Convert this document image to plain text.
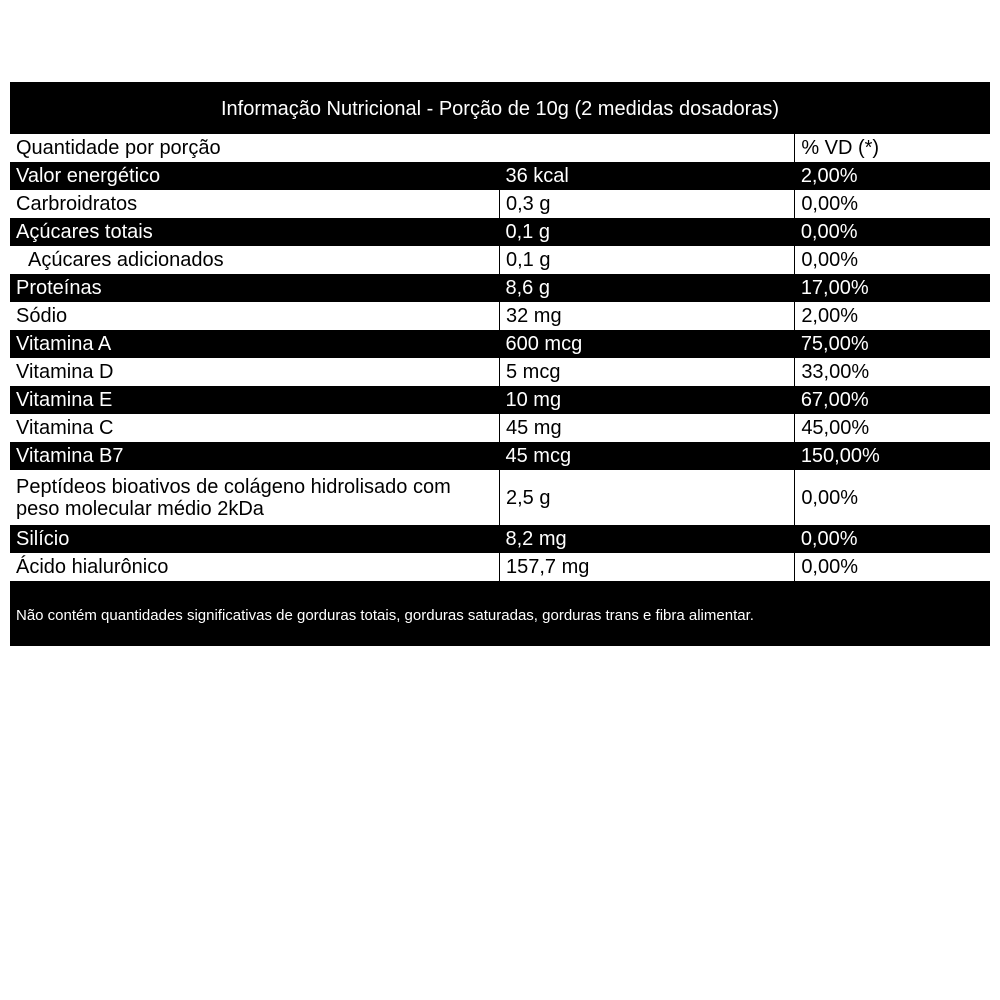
Informação Nutricional - Porção de 10g (2 medidas dosadoras)
Quantidade por porção		% VD (*)
Valor energético	36 kcal	2,00%
Carbroidratos	0,3 g	0,00%
Açúcares totais	0,1 g	0,00%
Açúcares adicionados	0,1 g	0,00%
Proteínas	8,6 g	17,00%
Sódio	32 mg	2,00%
Vitamina A	600 mcg	75,00%
Vitamina D	5 mcg	33,00%
Vitamina E	10 mg	67,00%
Vitamina C	45 mg	45,00%
Vitamina B7	45 mcg	150,00%
Peptídeos bioativos de colágeno hidrolisado com peso molecular médio 2kDa	2,5 g	0,00%
Silício	8,2 mg	0,00%
Ácido hialurônico	157,7 mg	0,00%
Não contém quantidades significativas de gorduras totais, gorduras saturadas, gorduras trans e fibra alimentar.
